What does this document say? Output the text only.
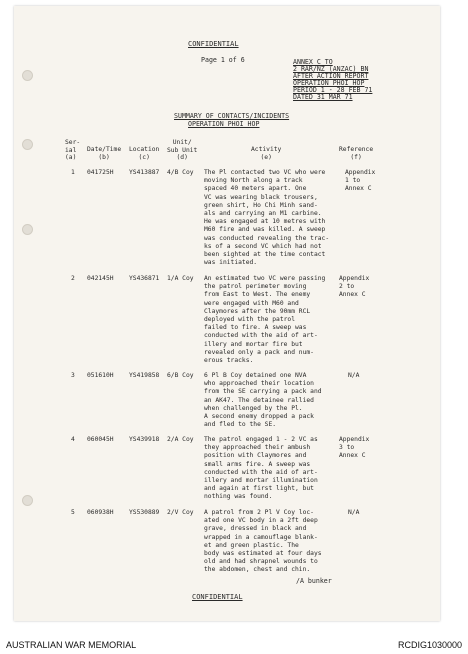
CONFIDENTIAL
Page 1 of 6	ANNEX C TO
2 RAR/NZ (ANZAC) BN
AFTER ACTION REPORT
OPERATION PHOI HOP
PERIOD 1 - 28 FEB 71
DATED 31 MAR 71
SUMMARY OF CONTACTS/INCIDENTS
OPERATION PHOI HOP
Ser-
ial
(a)
Date/Time
(b)
Location
(c)
Unit/
Sub Unit
(d)
Activity
(e)
Reference
(f)
1 041725H YS413887 4/B Coy The Pl contacted two VC who were
moving North along a track
spaced 40 meters apart. One
VC was wearing black trousers,
green shirt, Ho Chi Minh sand-
als and carrying an M1 carbine.
He was engaged at 10 metres with
M60 fire and was killed. A sweep
was conducted revealing the trac-
ks of a second VC which had not
been sighted at the time contact
was initiated.
Appendix
1 to
Annex C
2 042145H YS436871 1/A Coy An estimated two VC were passing
the patrol perimeter moving
from East to West. The enemy
were engaged with M60 and
Claymores after the 90mm RCL
deployed with the patrol
failed to fire. A sweep was
conducted with the aid of art-
illery and mortar fire but
revealed only a pack and num-
erous tracks.
Appendix
2 to
Annex C
3 051610H YS419858 6/B Coy 6 Pl B Coy detained one NVA
who approached their location
from the SE carrying a pack and
an AK47. The detainee rallied
when challenged by the Pl.
A second enemy dropped a pack
and fled to the SE.
N/A
4 060045H YS439918 2/A Coy The patrol engaged 1 - 2 VC as
they approached their ambush
position with Claymores and
small arms fire. A sweep was
conducted with the aid of art-
illery and mortar illumination
and again at first light, but
nothing was found.
Appendix
3 to
Annex C
5 060938H YS530889 2/V Coy A patrol from 2 Pl V Coy loc-
ated one VC body in a 2ft deep
grave, dressed in black and
wrapped in a camouflage blank-
et and green plastic. The
body was estimated at four days
old and had shrapnel wounds to
the abdomen, chest and chin.
N/A
/A bunker
CONFIDENTIAL
AUSTRALIAN WAR MEMORIAL	RCDIG1030000
